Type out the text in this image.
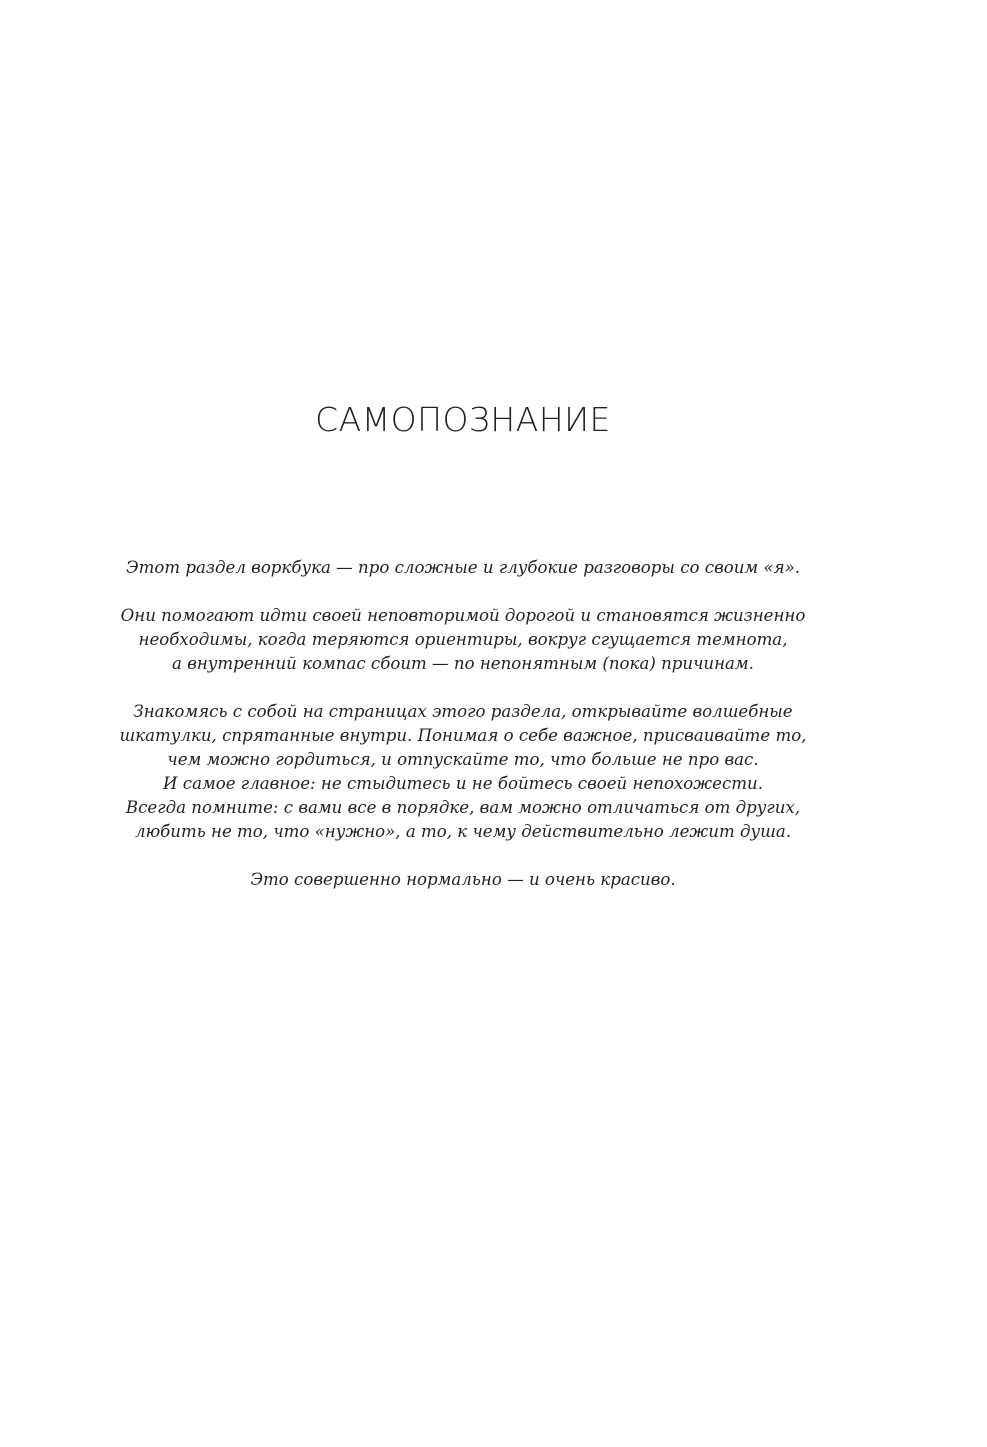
САМОПОЗНАНИЕ

Этот раздел воркбука — про сложные и глубокие разговоры со своим «я».

Они помогают идти своей неповторимой дорогой и становятся жизненно
необходимы, когда теряются ориентиры, вокруг сгущается темнота,
а внутренний компас сбоит — по непонятным (пока) причинам.

Знакомясь с собой на страницах этого раздела, открывайте волшебные
шкатулки, спрятанные внутри. Понимая о себе важное, присваивайте то,
чем можно гордиться, и отпускайте то, что больше не про вас.
И самое главное: не стыдитесь и не бойтесь своей непохожести.
Всегда помните: с вами все в порядке, вам можно отличаться от других,
любить не то, что «нужно», а то, к чему действительно лежит душа.

Это совершенно нормально — и очень красиво.
